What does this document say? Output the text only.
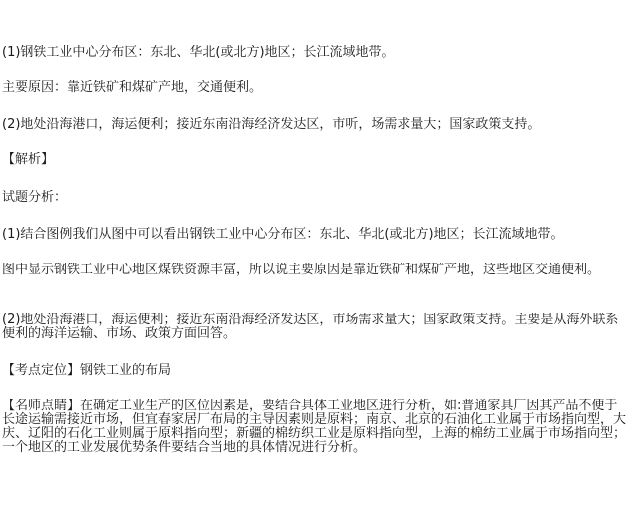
(1)钢铁工业中心分布区：东北、华北(或北方)地区；长江流域地带。
主要原因：靠近铁矿和煤矿产地，交通便利。
(2)地处沿海港口，海运便利；接近东南沿海经济发达区，市听，场需求量大；国家政策支持。
【解析】
试题分析：
(1)结合图例我们从图中可以看出钢铁工业中心分布区：东北、华北(或北方)地区；长江流域地带。
图中显示钢铁工业中心地区煤铁资源丰富，所以说主要原因是靠近铁矿和煤矿产地，这些地区交通便利。
(2)地处沿海港口，海运便利；接近东南沿海经济发达区，市场需求量大；国家政策支持。主要是从海外联系便利的海洋运输、市场、政策方面回答。
【考点定位】钢铁工业的布局
【名师点睛】在确定工业生产的区位因素是，要结合具体工业地区进行分析，如:普通家具厂因其产品不便于长途运输需接近市场，但宜春家居厂布局的主导因素则是原料；南京、北京的石油化工业属于市场指向型，大庆、辽阳的石化工业则属于原料指向型；新疆的棉纺织工业是原料指向型，上海的棉纺工业属于市场指向型；一个地区的工业发展优势条件要结合当地的具体情况进行分析。
